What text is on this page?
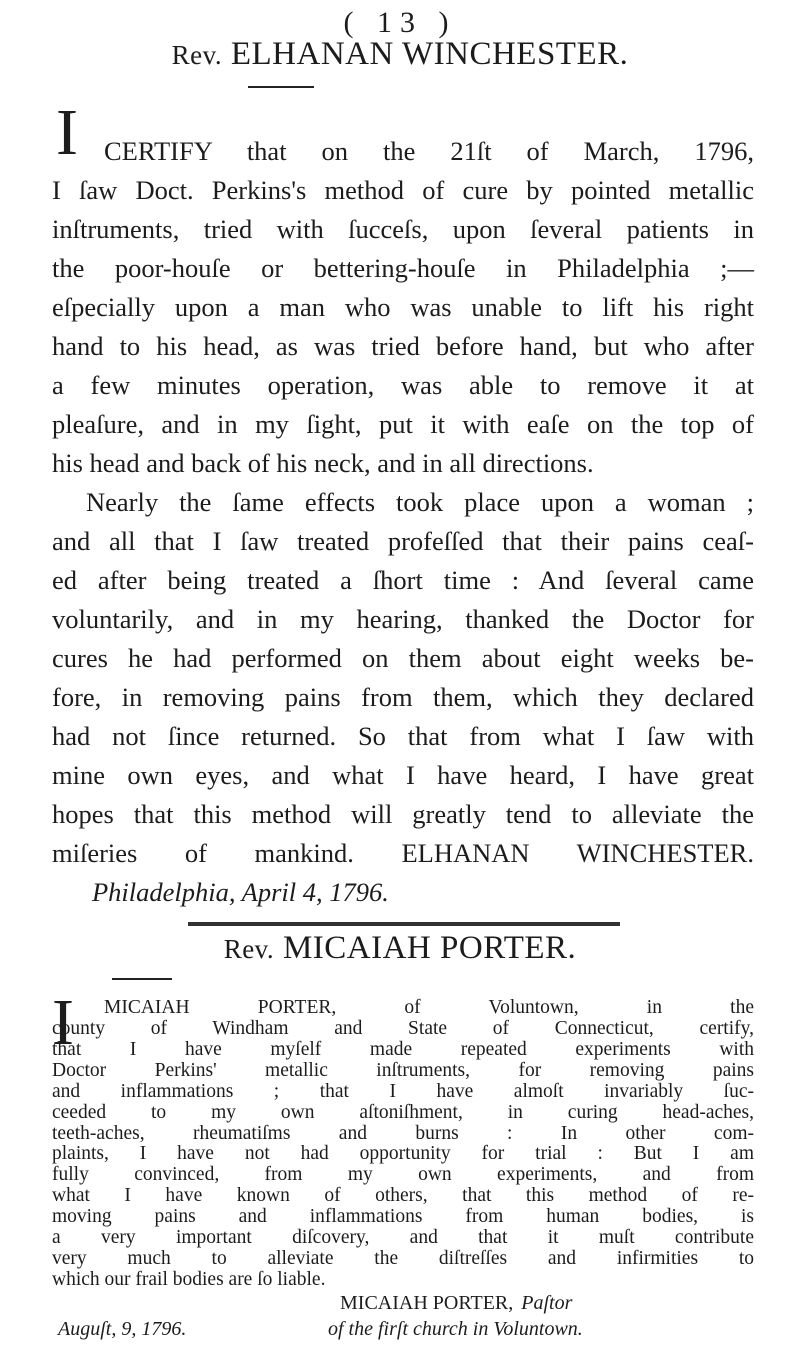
( 13 )
Rev. ELHANAN WINCHESTER.
I CERTIFY that on the 21ſt of March, 1796,
I ſaw Doct. Perkins's method of cure by pointed metallic
inſtruments, tried with ſucceſs, upon ſeveral patients in
the poor-houſe or bettering-houſe in Philadelphia ;—
eſpecially upon a man who was unable to lift his right
hand to his head, as was tried before hand, but who after
a few minutes operation, was able to remove it at
pleaſure, and in my ſight, put it with eaſe on the top of
his head and back of his neck, and in all directions.
Nearly the ſame effects took place upon a woman ;
and all that I ſaw treated profeſſed that their pains ceaſ-
ed after being treated a ſhort time : And ſeveral came
voluntarily, and in my hearing, thanked the Doctor for
cures he had performed on them about eight weeks be-
fore, in removing pains from them, which they declared
had not ſince returned. So that from what I ſaw with
mine own eyes, and what I have heard, I have great
hopes that this method will greatly tend to alleviate the
miſeries of mankind. ELHANAN WINCHESTER.
Philadelphia, April 4, 1796.
Rev. MICAIAH PORTER.
I MICAIAH PORTER, of Voluntown, in the
county of Windham and State of Connecticut, certify,
that I have myſelf made repeated experiments with
Doctor Perkins' metallic inſtruments, for removing pains
and inflammations ; that I have almoſt invariably ſuc-
ceeded to my own aſtoniſhment, in curing head-aches,
teeth-aches, rheumatiſms and burns : In other com-
plaints, I have not had opportunity for trial : But I am
fully convinced, from my own experiments, and from
what I have known of others, that this method of re-
moving pains and inflammations from human bodies, is
a very important diſcovery, and that it muſt contribute
very much to alleviate the diſtreſſes and infirmities to
which our frail bodies are ſo liable.
MICAIAH PORTER, Paſtor
Auguſt, 9, 1796.	of the firſt church in Voluntown.
